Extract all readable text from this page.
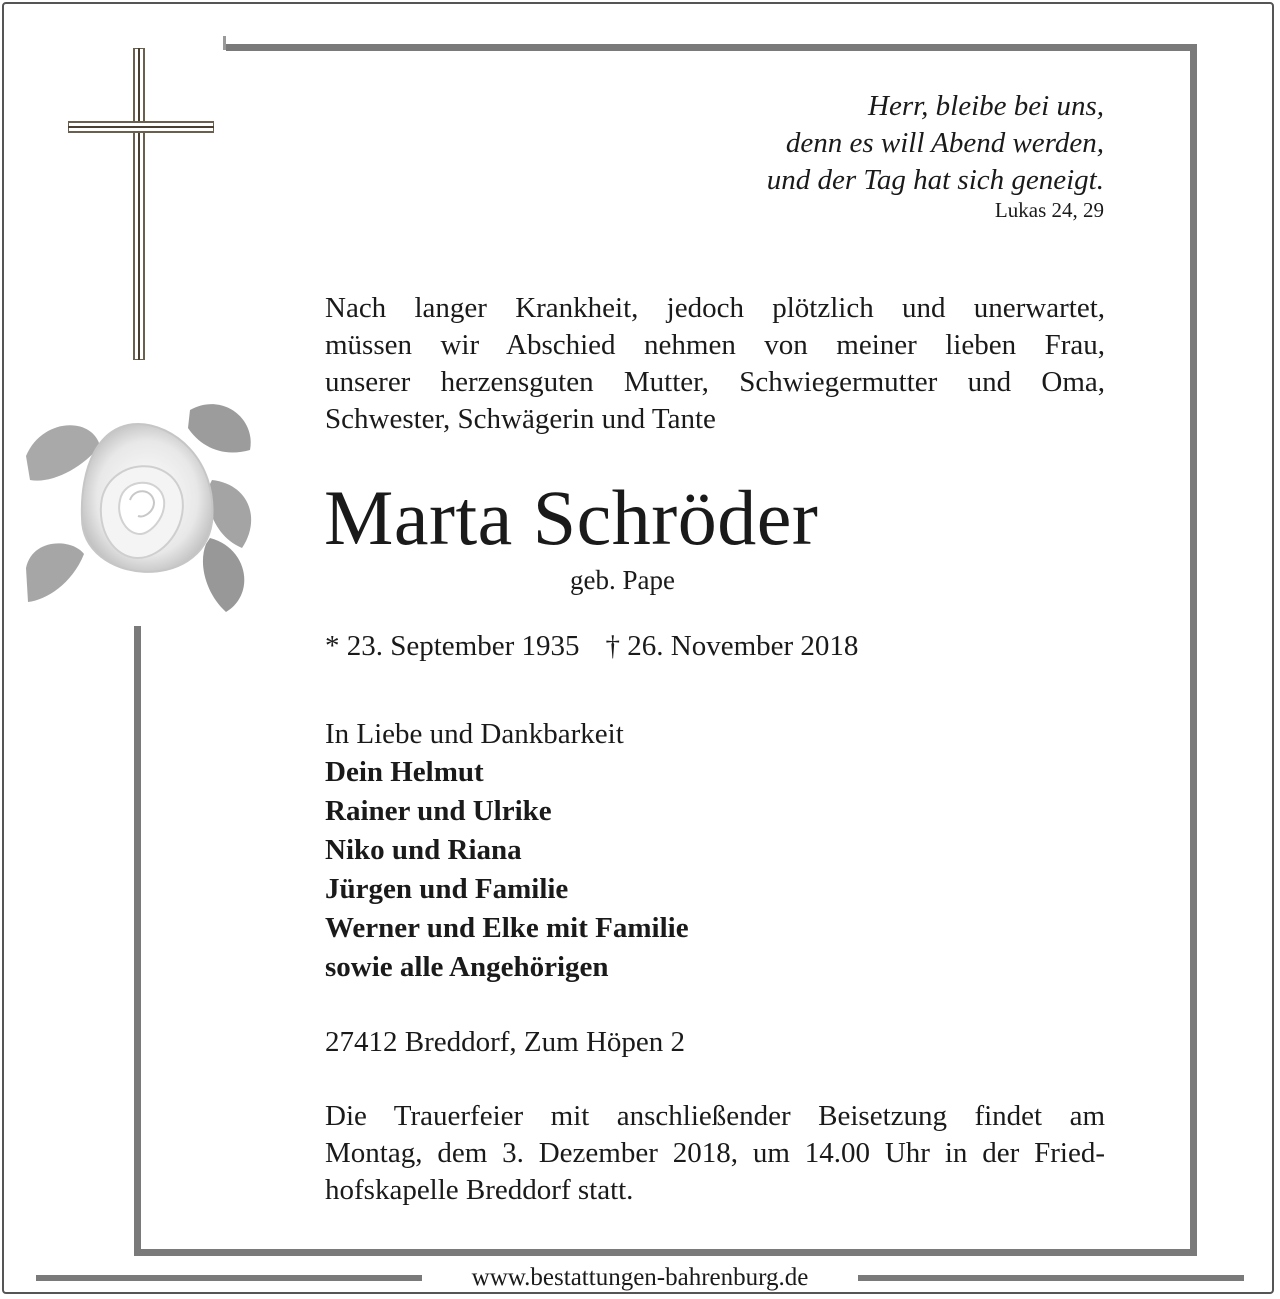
Herr, bleibe bei uns,
denn es will Abend werden,
und der Tag hat sich geneigt.
Lukas 24, 29
Nach langer Krankheit, jedoch plötzlich und unerwartet,
müssen wir Abschied nehmen von meiner lieben Frau,
unserer herzensguten Mutter, Schwiegermutter und Oma,
Schwester, Schwägerin und Tante
Marta Schröder
geb. Pape
* 23. September 1935 † 26. November 2018
In Liebe und Dankbarkeit
Dein Helmut
Rainer und Ulrike
Niko und Riana
Jürgen und Familie
Werner und Elke mit Familie
sowie alle Angehörigen
27412 Breddorf, Zum Höpen 2
Die Trauerfeier mit anschließender Beisetzung findet am
Montag, dem 3. Dezember 2018, um 14.00 Uhr in der Fried-
hofskapelle Breddorf statt.
www.bestattungen-bahrenburg.de
